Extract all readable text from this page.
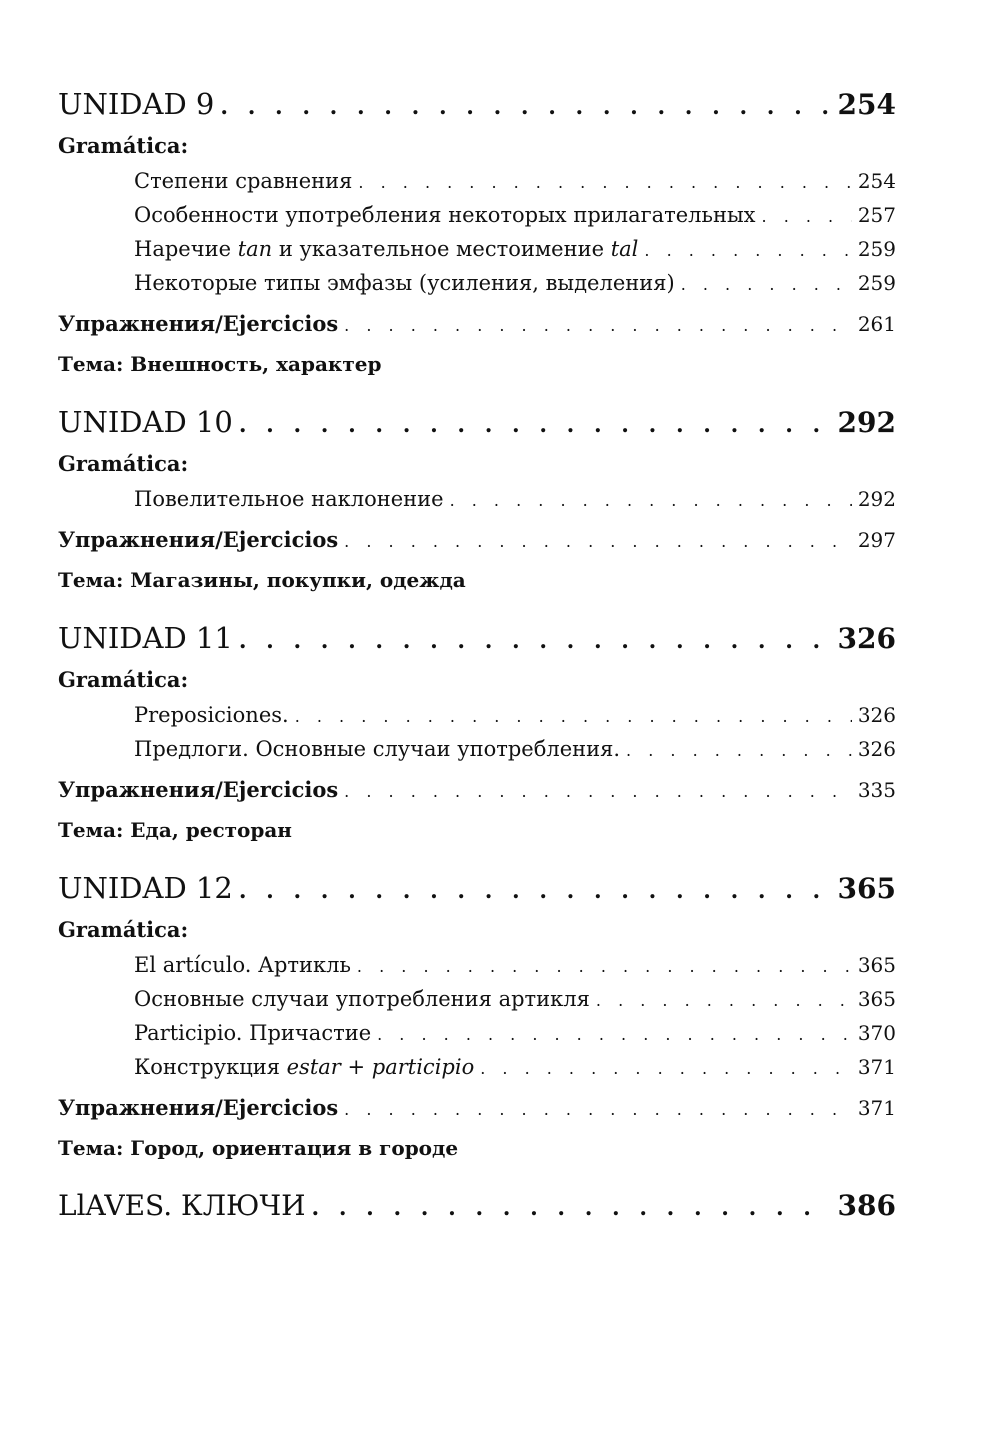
UNIDAD 9 . . .	254
Gramática:
Степени сравнения . . .	254
Особенности употребления некоторых прилагательных . . .	257
Наречие tan и указательное местоимение tal . . .	259
Некоторые типы эмфазы (усиления, выделения) . . .	259
Упражнения/Ejercicios . . .	261
Тема: Внешность, характер
UNIDAD 10 . . .	292
Gramática:
Повелительное наклонение . . .	292
Упражнения/Ejercicios . . .	297
Тема: Магазины, покупки, одежда
UNIDAD 11 . . .	326
Gramática:
Preposiciones. . . .	326
Предлоги. Основные случаи употребления. . . .	326
Упражнения/Ejercicios . . .	335
Тема: Еда, ресторан
UNIDAD 12 . . .	365
Gramática:
El artículo. Артикль . . .	365
Основные случаи употребления артикля . . .	365
Participio. Причастие . . .	370
Конструкция estar + participio . . .	371
Упражнения/Ejercicios . . .	371
Тема: Город, ориентация в городе
LlAVES. КЛЮЧИ . . .	386
